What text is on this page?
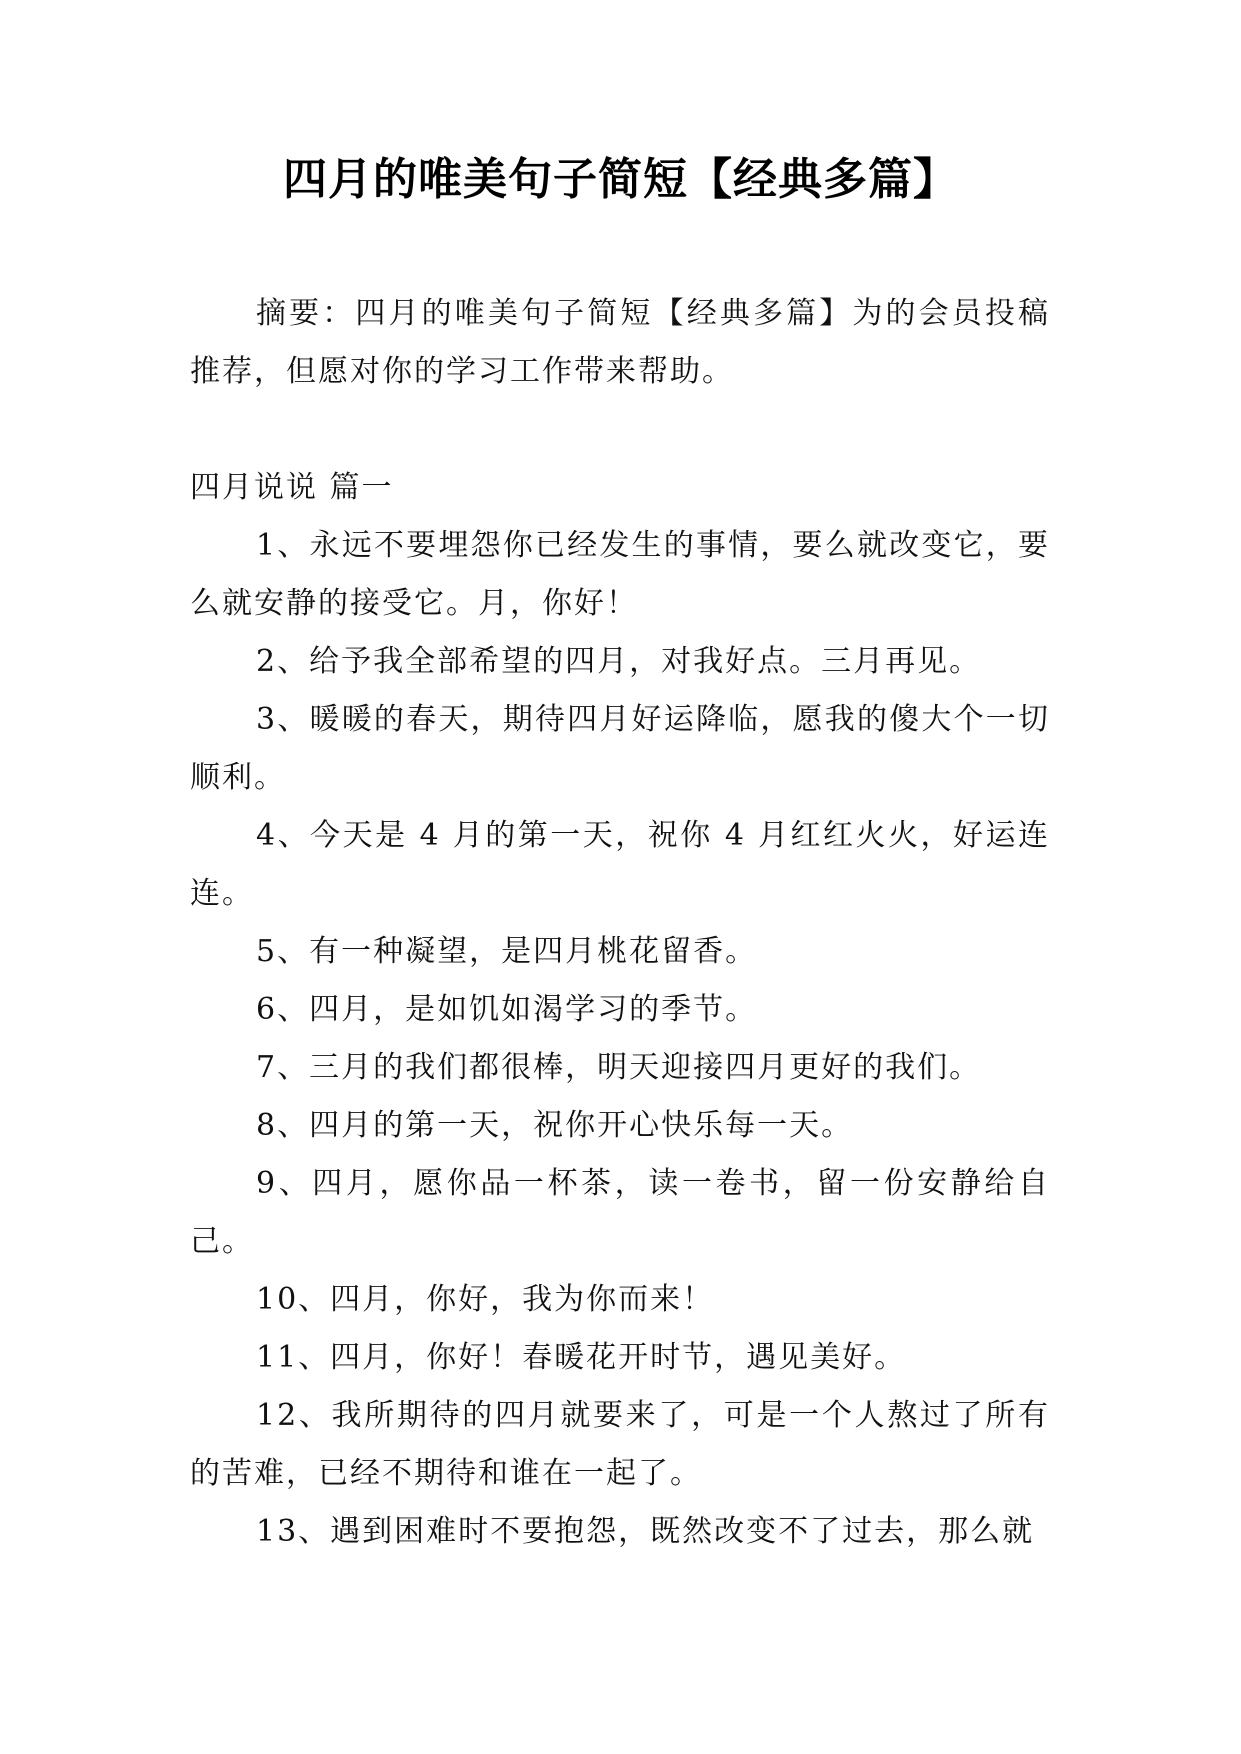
四月的唯美句子简短【经典多篇】

摘要：四月的唯美句子简短【经典多篇】为的会员投稿推荐，但愿对你的学习工作带来帮助。

四月说说 篇一

1、永远不要埋怨你已经发生的事情，要么就改变它，要么就安静的接受它。月，你好！

2、给予我全部希望的四月，对我好点。三月再见。

3、暖暖的春天，期待四月好运降临，愿我的傻大个一切顺利。

4、今天是 4 月的第一天，祝你 4 月红红火火，好运连连。

5、有一种凝望，是四月桃花留香。

6、四月，是如饥如渴学习的季节。

7、三月的我们都很棒，明天迎接四月更好的我们。

8、四月的第一天，祝你开心快乐每一天。

9、四月，愿你品一杯茶，读一卷书，留一份安静给自己。

10、四月，你好，我为你而来！

11、四月，你好！春暖花开时节，遇见美好。

12、我所期待的四月就要来了，可是一个人熬过了所有的苦难，已经不期待和谁在一起了。

13、遇到困难时不要抱怨，既然改变不了过去，那么就
